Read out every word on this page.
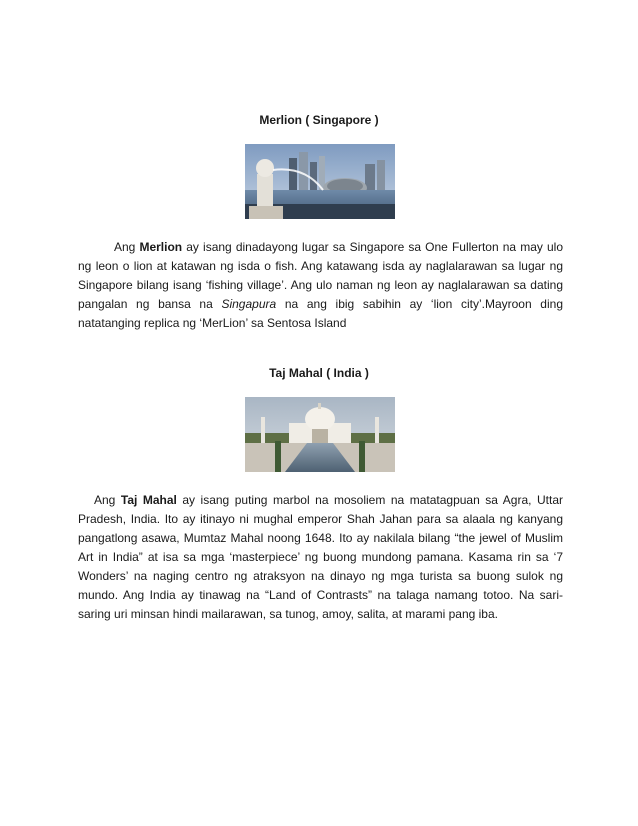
Merlion ( Singapore )

Ang Merlion ay isang dinadayong lugar sa Singapore sa One Fullerton na may ulo ng leon o lion at katawan ng isda o fish. Ang katawang isda ay naglalarawan sa lugar ng Singapore bilang isang ‘fishing village’. Ang ulo naman ng leon ay naglalarawan sa dating pangalan ng bansa na Singapura na ang ibig sabihin ay ‘lion city’.Mayroon ding natatanging replica ng ‘MerLion’ sa Sentosa Island

Taj Mahal ( India )

Ang Taj Mahal ay isang puting marbol na mosoliem na matatagpuan sa Agra, Uttar Pradesh, India. Ito ay itinayo ni mughal emperor Shah Jahan para sa alaala ng kanyang pangatlong asawa, Mumtaz Mahal noong 1648. Ito ay nakilala bilang “the jewel of Muslim Art in India” at isa sa mga ‘masterpiece’ ng buong mundong pamana. Kasama rin sa ‘7 Wonders’ na naging centro ng atraksyon na dinayo ng mga turista sa buong sulok ng mundo. Ang India ay tinawag na “Land of Contrasts” na talaga namang totoo. Na sari-saring uri minsan hindi mailarawan, sa tunog, amoy, salita, at marami pang iba.
